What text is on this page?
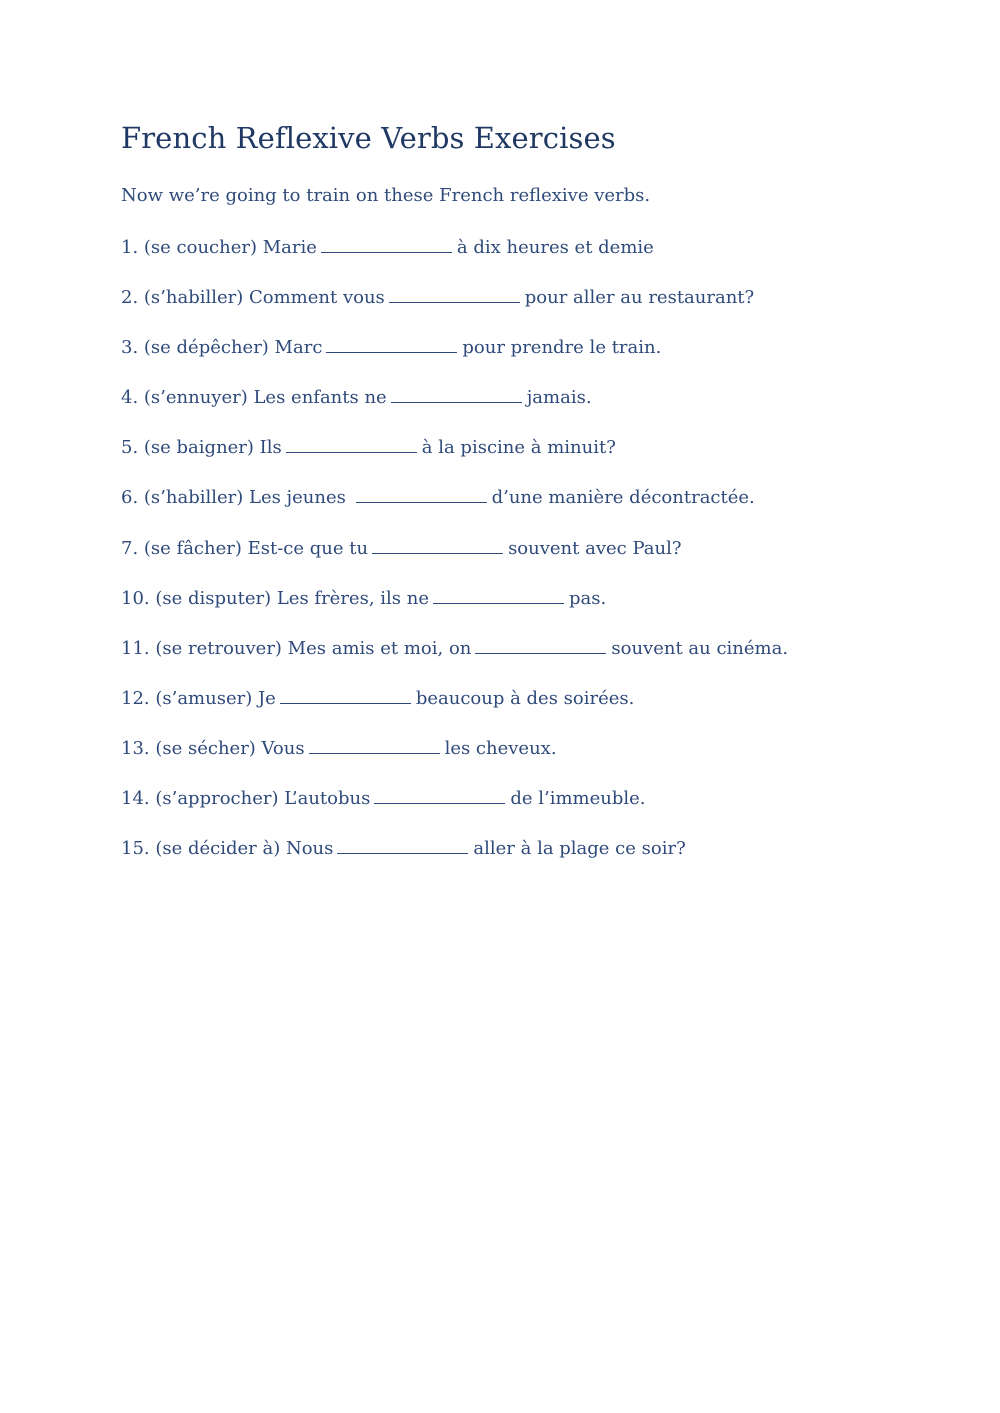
French Reflexive Verbs Exercises

Now we’re going to train on these French reflexive verbs.

1. (se coucher) Marie	à dix heures et demie
2. (s’habiller) Comment vous	pour aller au restaurant?
3. (se dépêcher) Marc	pour prendre le train.
4. (s’ennuyer) Les enfants ne	jamais.
5. (se baigner) Ils	à la piscine à minuit?
6. (s’habiller) Les jeunes	d’une manière décontractée.
7. (se fâcher) Est-ce que tu	souvent avec Paul?
10. (se disputer) Les frères, ils ne	pas.
11. (se retrouver) Mes amis et moi, on	souvent au cinéma.
12. (s’amuser) Je	beaucoup à des soirées.
13. (se sécher) Vous	les cheveux.
14. (s’approcher) L’autobus	de l’immeuble.
15. (se décider à) Nous	aller à la plage ce soir?
